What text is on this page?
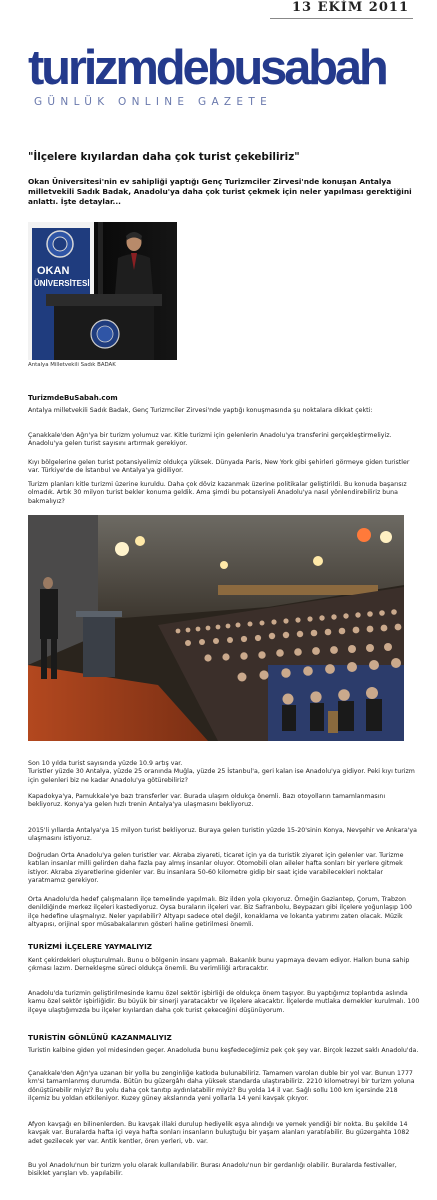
13 EKİM 2011
turizmdebusabah
GÜNLÜK ONLINE GAZETE
"İlçelere kıyılardan daha çok turist çekebiliriz"
Okan Üniversitesi'nin ev sahipliği yaptığı Genç Turizmciler Zirvesi'nde konuşan Antalya milletvekili Sadık Badak, Anadolu'ya daha çok turist çekmek için neler yapılması gerektiğini anlattı. İşte detaylar...
OKAN
ÜNİVERSİTESİ
Antalya Milletvekili Sadık BADAK
TurizmdeBuSabah.com
Antalya milletvekili Sadık Badak, Genç Turizmciler Zirvesi'nde yaptığı konuşmasında şu noktalara dikkat çekti:
Çanakkale'den Ağrı'ya bir turizm yolumuz var. Kitle turizmi için gelenlerin Anadolu'ya transferini gerçekleştirmeliyiz. Anadolu'ya gelen turist sayısını artırmak gerekiyor.
Kıyı bölgelerine gelen turist potansiyelimiz oldukça yüksek. Dünyada Paris, New York gibi şehirleri görmeye giden turistler var. Türkiye'de de İstanbul ve Antalya'ya gidiliyor.
Turizm planları kitle turizmi üzerine kuruldu. Daha çok döviz kazanmak üzerine politikalar geliştirildi. Bu konuda başarısız olmadık. Artık 30 milyon turist bekler konuma geldik. Ama şimdi bu potansiyeli Anadolu'ya nasıl yönlendirebiliriz buna bakmalıyız?
Son 10 yılda turist sayısında yüzde 10.9 artış var.
Turistler yüzde 30 Antalya, yüzde 25 oranında Muğla, yüzde 25 İstanbul'a, geri kalan ise Anadolu'ya gidiyor. Peki kıyı turizm için gelenleri biz ne kadar Anadolu'ya götürebiliriz?
Kapadokya'ya, Pamukkale'ye bazı transferler var. Burada ulaşım oldukça önemli. Bazı otoyolların tamamlanmasını bekliyoruz. Konya'ya gelen hızlı trenin Antalya'ya ulaşmasını bekliyoruz.
2015'li yıllarda Antalya'ya 15 milyon turist bekliyoruz. Buraya gelen turistin yüzde 15-20'sinin Konya, Nevşehir ve Ankara'ya ulaşmasını istiyoruz.
Doğrudan Orta Anadolu'ya gelen turistler var. Akraba ziyareti, ticaret için ya da turistik ziyaret için gelenler var. Turizme katılan insanlar milli gelirden daha fazla pay almış insanlar oluyor. Otomobili olan aileler hafta sonları bir yerlere gitmek istiyor. Akraba ziyaretlerine gidenler var. Bu insanlara 50-60 kilometre gidip bir saat içide varabilecekleri noktalar yaratmamız gerekiyor.
Orta Anadolu'da hedef çalışmaların ilçe temelinde yapılmalı. Biz ilden yola çıkıyoruz. Örneğin Gaziantep, Çorum, Trabzon denildiğinde merkez ilçeleri kastediyoruz. Oysa buraların ilçeleri var. Biz Safranbolu, Beypazarı gibi ilçelere yoğunlaşıp 100 ilçe hedefine ulaşmalıyız. Neler yapılabilir? Altyapı sadece otel değil, konaklama ve lokanta yatırımı zaten olacak. Müzik altyapısı, orijinal spor müsabakalarının gösteri haline getirilmesi önemli.
TURİZMİ İLÇELERE YAYMALIYIZ
Kent çekirdekleri oluşturulmalı. Bunu o bölgenin insanı yapmalı. Bakanlık bunu yapmaya devam ediyor. Halkın buna sahip çıkması lazım. Dernekleşme süreci oldukça önemli. Bu verimliliği artıracaktır.
Anadolu'da turizmin geliştirilmesinde kamu özel sektör işbirliği de oldukça önem taşıyor. Bu yaptığımız toplantıda aslında kamu özel sektör işbirliğidir. Bu büyük bir sinerji yaratacaktır ve ilçelere akacaktır. İlçelerde mutlaka dernekler kurulmalı. 100 ilçeye ulaştığımızda bu ilçeler kıyılardan daha çok turist çekeceğini düşünüyorum.
TURİSTİN GÖNLÜNÜ KAZANMALIYIZ
Turistin kalbine giden yol midesinden geçer. Anadoluda bunu keşfedeceğimiz pek çok şey var. Birçok lezzet saklı Anadolu'da.
Çanakkale'den Ağrı'ya uzanan bir yolla bu zenginliğe katkıda bulunabiliriz. Tamamen varolan duble bir yol var. Bunun 1777 km'si tamamlanmış durumda. Bütün bu güzergâhı daha yüksek standarda ulaştırabiliriz. 2210 kilometreyi bir turizm yoluna dönüştürebilir miyiz? Bu yolu daha çok tanıtıp aydınlatabilir miyiz? Bu yolda 14 il var. Sağlı sollu 100 km içersinde 218 ilçemiz bu yoldan etkileniyor. Kuzey güney akslarında yeni yollarla 14 yeni kavşak çıkıyor.
Afyon kavşağı en bilinenlerden. Bu kavşak illaki durulup hediyelik eşya alındığı ve yemek yendiği bir nokta. Bu şekilde 14 kavşak var. Buralarda hafta içi veya hafta sonları insanların buluştuğu bir yaşam alanları yaratılabilir. Bu güzergahta 1082 adet gezilecek yer var. Antik kentler, ören yerleri, vb. var.
Bu yol Anadolu'nun bir turizm yolu olarak kullanılabilir. Burası Anadolu'nun bir gerdanlığı olabilir. Buralarda festivaller, bisiklet yarışları vb. yapılabilir.
